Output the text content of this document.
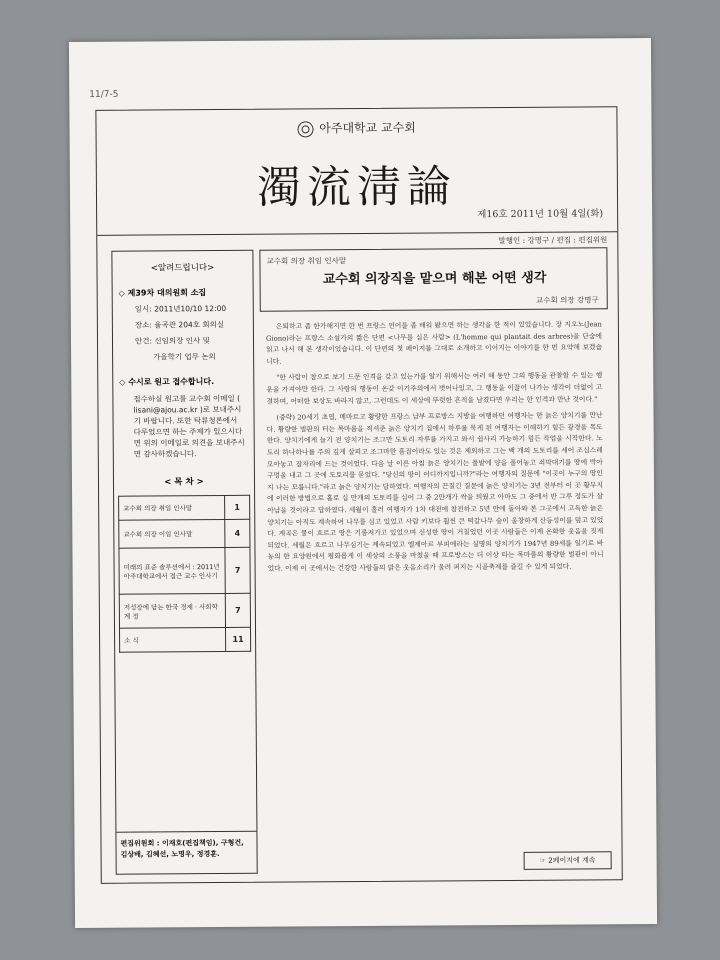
11/7-5
아주대학교 교수회
濁流淸論
제16호 2011년 10월 4일(화)
발행인 : 강명구 / 편집 : 편집위원
<알려드립니다>
◇ 제39차 대의원회 소집
일시: 2011년10/10 12:00
장소: 율곡관 204호 회의실
안건: 신임의장 인사 및
가을학기 업무 논의
◇ 수시로 원고 접수합니다.
접수하실 원고를 교수회 이메일 ( lisani@ajou.ac.kr )로 보내주시기 바랍니다. 또한 탁류청론에서 다루었으면 하는 주제가 있으시다면 위의 이메일로 의견을 보내주시면 감사하겠습니다.
< 목 차 >
교수회 의장 취임 인사말	1
교수회 의장 이임 인사말	4
미래의 표준 솔루션에서 : 2011년 아주대학교에서 접근 교수 인사기	7
저성장에 담는 한국 경제 · 사회학계 정	7
소 식	11
편집위원회 : 이재호(편집책임), 구형건, 김상배, 김혜선, 노명우, 정경훈.
교수회 의장 취임 인사말
교수회 의장직을 맡으며 해본 어떤 생각
교수회 의장 강명구

은퇴하고 좀 한가해지면 한 번 프랑스 언어를 좀 배워 봤으면 하는 생각을 한 적이 있었습니다. 장 지오노(Jean Giono)라는 프랑스 소설가의 짧은 단편 <나무를 심은 사람> (L'homme qui plantait des arbres)을 단숨에 읽고 나서 해 본 생각이었습니다. 이 단편의 첫 페이지를 그대로 소개하고 이어지는 이야기를 한 번 요약해 보겠습니다.

"한 사람이 참으로 보기 드문 인격을 갖고 있는가를 알기 위해서는 여러 해 동안 그의 행동을 관찰할 수 있는 행운을 가져야만 한다. 그 사람의 행동이 온갖 이기주의에서 벗어나있고, 그 행동을 이끌어 나가는 생각이 더없이 고결하며, 어떠한 보상도 바라지 않고, 그런데도 이 세상에 뚜렷한 흔적을 남겼다면 우리는 한 인격과 만난 것이다."

(중략) 20세기 초엽, 메마르고 황량한 프랑스 남부 프로방스 지방을 여행하던 여행자는 한 늙은 양치기를 만난다. 황량한 벌판의 터는 목마름을 적셔준 늙은 양치기 집에서 하루를 묵게 된 여행자는 이해하기 힘든 광경을 목도한다. 양치기에게 늘기 전 양치기는 조그만 도토리 자루를 가지고 와서 쉽사리 가능하기 힘든 작업을 시작한다. 노도리 하나하나를 주의 깊게 살피고 조그마한 흠집이라도 있는 것은 제외하고 그는 백 개의 도토리를 세어 조심스레 모아놓고 잠자리에 드는 것이었다. 다음 날 이른 아침 늙은 양치기는 풀밭에 양을 풀어놓고 쇠막대기를 땅에 박아 구멍을 내고 그 곳에 도토리를 묻었다. "당신의 땅이 어디까지입니까?"라는 여행자의 질문에 "이곳이 누구의 땅인지 나는 모릅니다."라고 늙은 양치기는 답하였다. 여행자의 끈질긴 질문에 늙은 양치기는 3년 전부터 이 곳 황무지에 이러한 방법으로 홀로 십 만개의 도토리를 심어 그 중 2만개가 싹을 틔웠고 아마도 그 중에서 반 그루 정도가 살아남을 것이라고 답하였다. 세월이 흘러 여행자가 1차 대전에 참전하고 5년 만에 돌아와 본 그곳에서 고독한 늙은 양치기는 아직도 계속하여 나무를 심고 있었고 사람 키보다 훨씬 큰 떡갈나무 숲이 울창하게 산등성이를 덮고 있었다. 계곡은 물이 흐르고 땅은 기름져가고 있었으며 신성한 땅이 거칠었던 이곳 사람들은 이제 온화한 웃음을 짓게 되었다. 세월은 흐르고 나무심기는 계속되었고 엘제아르 부피에라는 실명의 양치기가 1947년 89세를 일기로 바농의 한 요양원에서 평화롭게 이 세상의 소풍을 마쳤을 때 프로방스는 더 이상 타는 목마름의 황량한 벌판이 아니었다. 이제 이 곳에서는 건강한 사람들의 밝은 웃음소리가 울려 퍼지는 시골축제를 즐길 수 있게 되었다.

☞ 2페이지에 계속
